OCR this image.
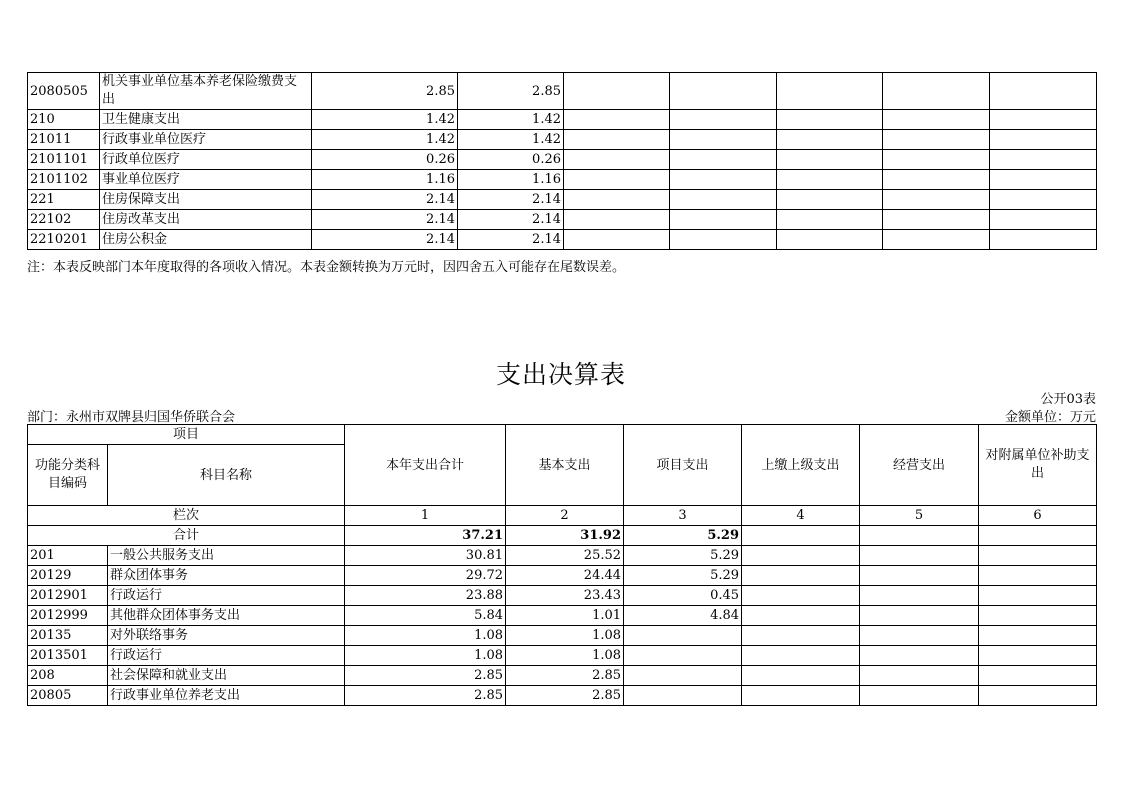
2080505	机关事业单位基本养老保险缴费支出	2.85	2.85					
210	卫生健康支出	1.42	1.42					
21011	行政事业单位医疗	1.42	1.42					
2101101	行政单位医疗	0.26	0.26					
2101102	事业单位医疗	1.16	1.16					
221	住房保障支出	2.14	2.14					
22102	住房改革支出	2.14	2.14					
2210201	住房公积金	2.14	2.14					
注：本表反映部门本年度取得的各项收入情况。本表金额转换为万元时，因四舍五入可能存在尾数误差。
支出决算表
公开03表
部门：永州市双牌县归国华侨联合会	金额单位：万元
项目		本年支出合计	基本支出	项目支出	上缴上级支出	经营支出	对附属单位补助支出
功能分类科目编码	科目名称						
栏次		1	2	3	4	5	6
合计		37.21	31.92	5.29			
201	一般公共服务支出	30.81	25.52	5.29			
20129	群众团体事务	29.72	24.44	5.29			
2012901	行政运行	23.88	23.43	0.45			
2012999	其他群众团体事务支出	5.84	1.01	4.84			
20135	对外联络事务	1.08	1.08				
2013501	行政运行	1.08	1.08				
208	社会保障和就业支出	2.85	2.85				
20805	行政事业单位养老支出	2.85	2.85				
